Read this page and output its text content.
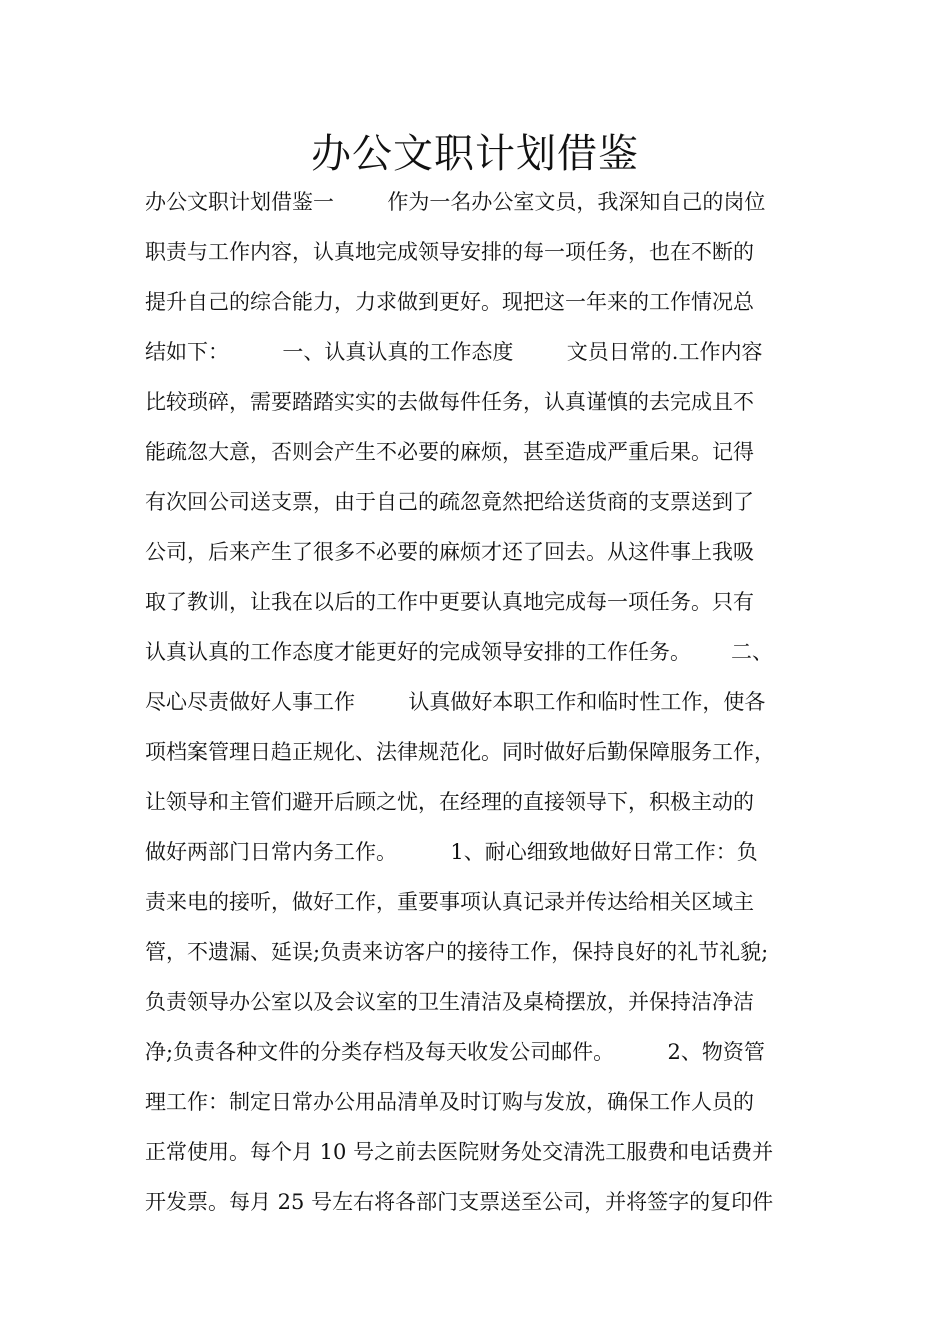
办公文职计划借鉴
办公文职计划借鉴一        作为一名办公室文员，我深知自己的岗位
职责与工作内容，认真地完成领导安排的每一项任务，也在不断的
提升自己的综合能力，力求做到更好。现把这一年来的工作情况总
结如下：        一、认真认真的工作态度        文员日常的.工作内容
比较琐碎，需要踏踏实实的去做每件任务，认真谨慎的去完成且不
能疏忽大意，否则会产生不必要的麻烦，甚至造成严重后果。记得
有次回公司送支票，由于自己的疏忽竟然把给送货商的支票送到了
公司，后来产生了很多不必要的麻烦才还了回去。从这件事上我吸
取了教训，让我在以后的工作中更要认真地完成每一项任务。只有
认真认真的工作态度才能更好的完成领导安排的工作任务。      二、
尽心尽责做好人事工作        认真做好本职工作和临时性工作，使各
项档案管理日趋正规化、法律规范化。同时做好后勤保障服务工作，
让领导和主管们避开后顾之忧，在经理的直接领导下，积极主动的
做好两部门日常内务工作。        1、耐心细致地做好日常工作：负
责来电的接听，做好工作，重要事项认真记录并传达给相关区域主
管，不遗漏、延误;负责来访客户的接待工作，保持良好的礼节礼貌;
负责领导办公室以及会议室的卫生清洁及桌椅摆放，并保持洁净洁
净;负责各种文件的分类存档及每天收发公司邮件。        2、物资管
理工作：制定日常办公用品清单及时订购与发放，确保工作人员的
正常使用。每个月 10 号之前去医院财务处交清洗工服费和电话费并
开发票。每月 25 号左右将各部门支票送至公司，并将签字的复印件
